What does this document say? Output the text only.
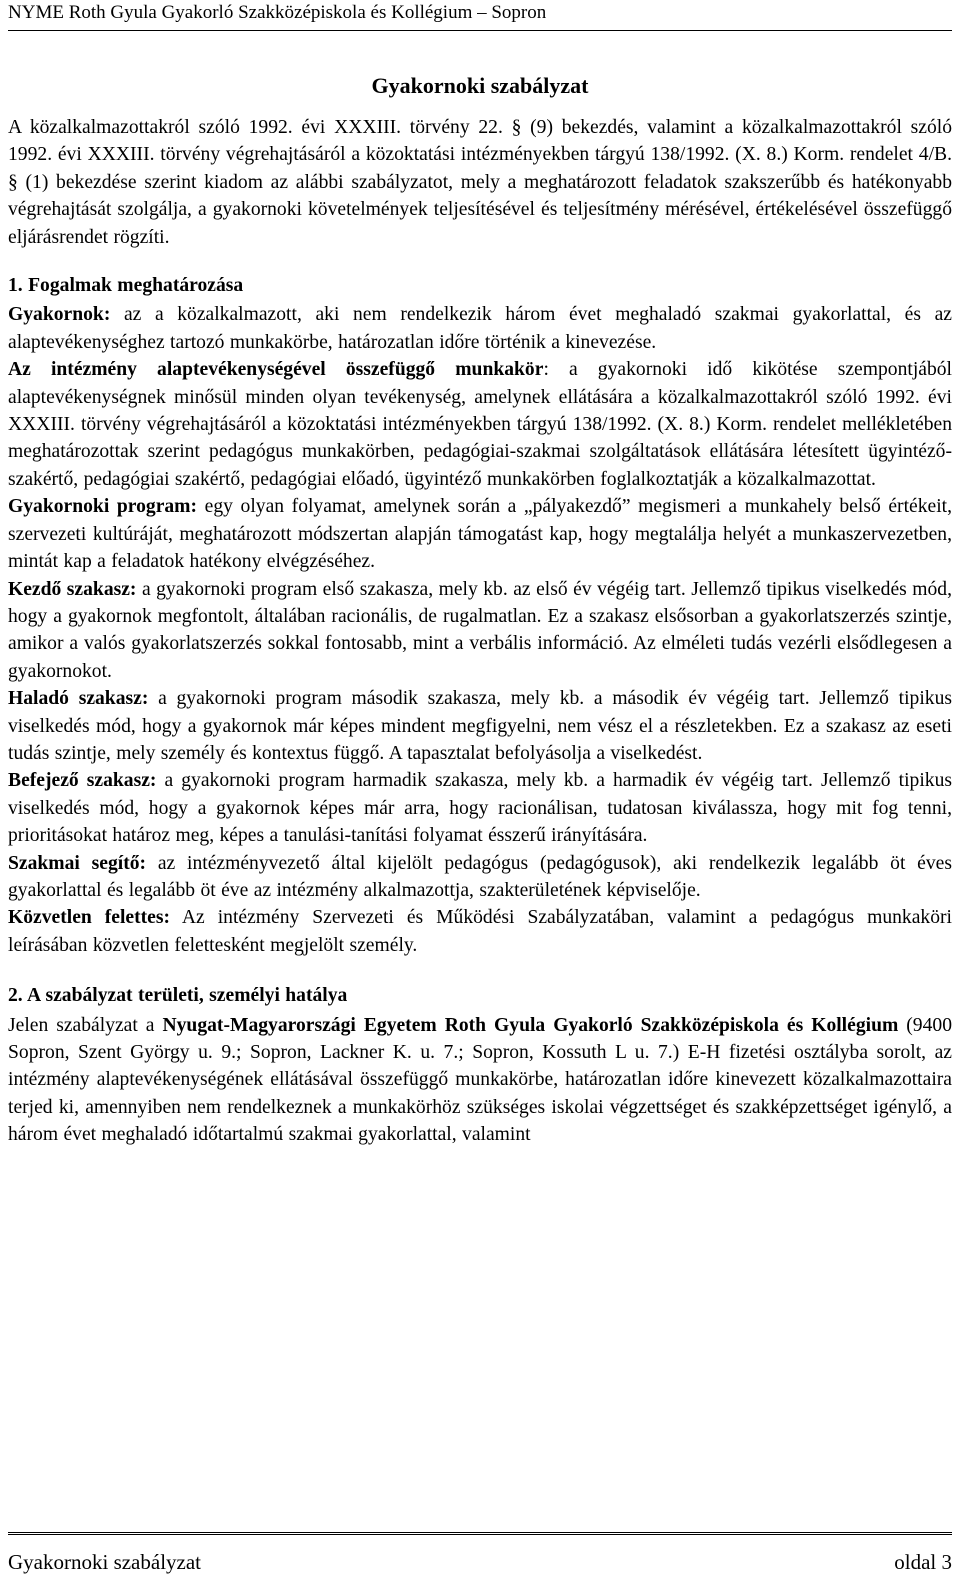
NYME Roth Gyula Gyakorló Szakközépiskola és Kollégium – Sopron
Gyakornoki szabályzat

A közalkalmazottakról szóló 1992. évi XXXIII. törvény 22. § (9) bekezdés, valamint a közalkalmazottakról szóló 1992. évi XXXIII. törvény végrehajtásáról a közoktatási intézményekben tárgyú 138/1992. (X. 8.) Korm. rendelet 4/B. § (1) bekezdése szerint kiadom az alábbi szabályzatot, mely a meghatározott feladatok szakszerűbb és hatékonyabb végrehajtását szolgálja, a gyakornoki követelmények teljesítésével és teljesítmény mérésével, értékelésével összefüggő eljárásrendet rögzíti.

1. Fogalmak meghatározása

Gyakornok: az a közalkalmazott, aki nem rendelkezik három évet meghaladó szakmai gyakorlattal, és az alaptevékenységhez tartozó munkakörbe, határozatlan időre történik a kinevezése.

Az intézmény alaptevékenységével összefüggő munkakör: a gyakornoki idő kikötése szempontjából alaptevékenységnek minősül minden olyan tevékenység, amelynek ellátására a közalkalmazottakról szóló 1992. évi XXXIII. törvény végrehajtásáról a közoktatási intézményekben tárgyú 138/1992. (X. 8.) Korm. rendelet mellékletében meghatározottak szerint pedagógus munkakörben, pedagógiai-szakmai szolgáltatások ellátására létesített ügyintéző-szakértő, pedagógiai szakértő, pedagógiai előadó, ügyintéző munkakörben foglalkoztatják a közalkalmazottat.

Gyakornoki program: egy olyan folyamat, amelynek során a „pályakezdő” megismeri a munkahely belső értékeit, szervezeti kultúráját, meghatározott módszertan alapján támogatást kap, hogy megtalálja helyét a munkaszervezetben, mintát kap a feladatok hatékony elvégzéséhez.

Kezdő szakasz: a gyakornoki program első szakasza, mely kb. az első év végéig tart. Jellemző tipikus viselkedés mód, hogy a gyakornok megfontolt, általában racionális, de rugalmatlan. Ez a szakasz elsősorban a gyakorlatszerzés szintje, amikor a valós gyakorlatszerzés sokkal fontosabb, mint a verbális információ. Az elméleti tudás vezérli elsődlegesen a gyakornokot.

Haladó szakasz: a gyakornoki program második szakasza, mely kb. a második év végéig tart. Jellemző tipikus viselkedés mód, hogy a gyakornok már képes mindent megfigyelni, nem vész el a részletekben. Ez a szakasz az eseti tudás szintje, mely személy és kontextus függő. A tapasztalat befolyásolja a viselkedést.

Befejező szakasz: a gyakornoki program harmadik szakasza, mely kb. a harmadik év végéig tart. Jellemző tipikus viselkedés mód, hogy a gyakornok képes már arra, hogy racionálisan, tudatosan kiválassza, hogy mit fog tenni, prioritásokat határoz meg, képes a tanulási-tanítási folyamat ésszerű irányítására.

Szakmai segítő: az intézményvezető által kijelölt pedagógus (pedagógusok), aki rendelkezik legalább öt éves gyakorlattal és legalább öt éve az intézmény alkalmazottja, szakterületének képviselője.

Közvetlen felettes: Az intézmény Szervezeti és Működési Szabályzatában, valamint a pedagógus munkaköri leírásában közvetlen felettesként megjelölt személy.

2. A szabályzat területi, személyi hatálya

Jelen szabályzat a Nyugat-Magyarországi Egyetem Roth Gyula Gyakorló Szakközépiskola és Kollégium (9400 Sopron, Szent György u. 9.; Sopron, Lackner K. u. 7.; Sopron, Kossuth L u. 7.) E-H fizetési osztályba sorolt, az intézmény alaptevékenységének ellátásával összefüggő munkakörbe, határozatlan időre kinevezett közalkalmazottaira terjed ki, amennyiben nem rendelkeznek a munkakörhöz szükséges iskolai végzettséget és szakképzettséget igénylő, a három évet meghaladó időtartalmú szakmai gyakorlattal, valamint

Gyakornoki szabályzat	oldal 3
